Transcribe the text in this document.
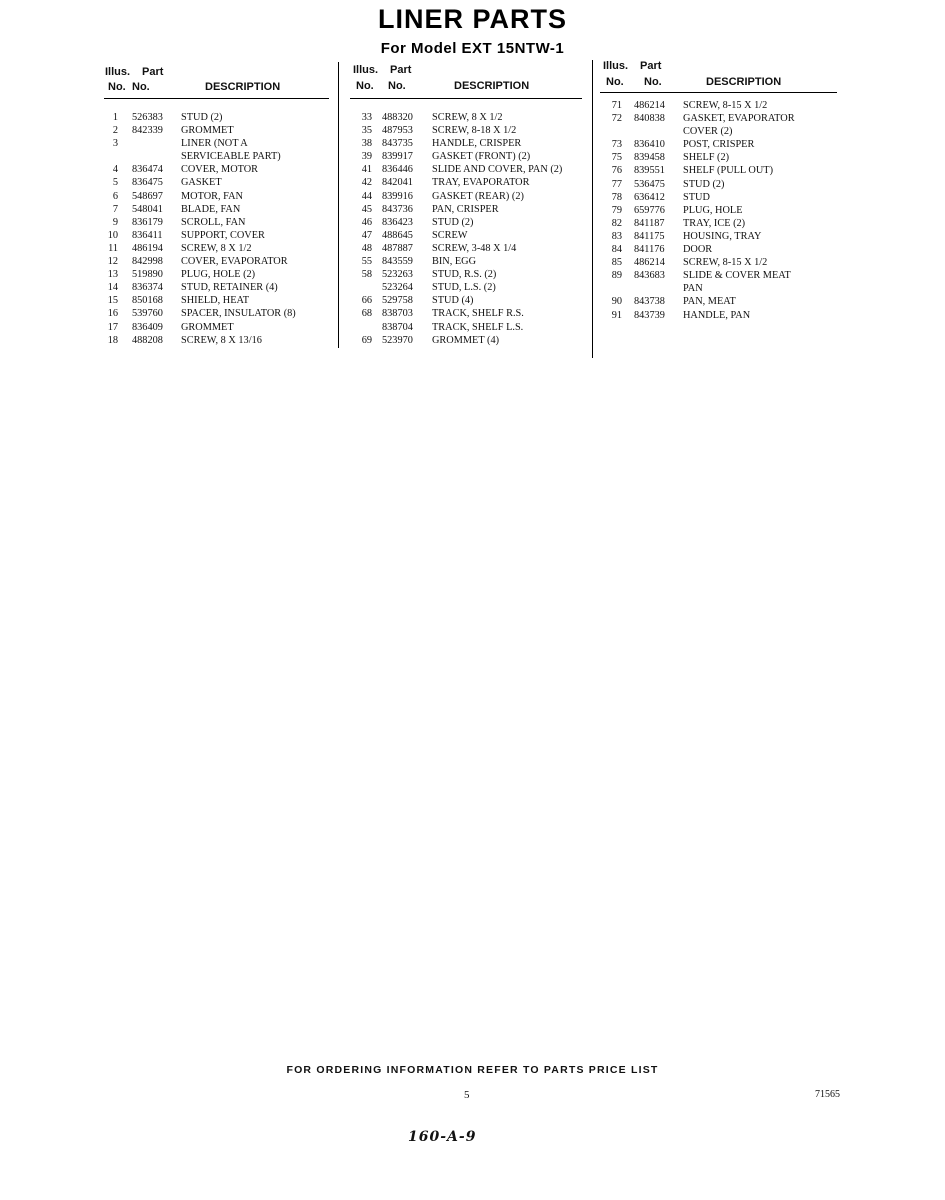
LINER PARTS
For Model EXT 15NTW-1
Illus. Part
No. No.	DESCRIPTION
1 526383 STUD (2)
2 842339 GROMMET
3	LINER (NOT A
SERVICEABLE PART)
4 836474 COVER, MOTOR
5 836475 GASKET
6 548697 MOTOR, FAN
7 548041 BLADE, FAN
9 836179 SCROLL, FAN
10 836411 SUPPORT, COVER
11 486194 SCREW, 8 X 1/2
12 842998 COVER, EVAPORATOR
13 519890 PLUG, HOLE (2)
14 836374 STUD, RETAINER (4)
15 850168 SHIELD, HEAT
16 539760 SPACER, INSULATOR (8)
17 836409 GROMMET
18 488208 SCREW, 8 X 13/16
Illus. Part
No. No.	DESCRIPTION
33 488320 SCREW, 8 X 1/2
35 487953 SCREW, 8-18 X 1/2
38 843735 HANDLE, CRISPER
39 839917 GASKET (FRONT) (2)
41 836446 SLIDE AND COVER, PAN (2)
42 842041 TRAY, EVAPORATOR
44 839916 GASKET (REAR) (2)
45 843736 PAN, CRISPER
46 836423 STUD (2)
47 488645 SCREW
48 487887 SCREW, 3-48 X 1/4
55 843559 BIN, EGG
58 523263 STUD, R.S. (2)
523264 STUD, L.S. (2)
66 529758 STUD (4)
68 838703 TRACK, SHELF R.S.
838704 TRACK, SHELF L.S.
69 523970 GROMMET (4)
Illus. Part
No. No.	DESCRIPTION
71 486214 SCREW, 8-15 X 1/2
72 840838 GASKET, EVAPORATOR
COVER (2)
73 836410 POST, CRISPER
75 839458 SHELF (2)
76 839551 SHELF (PULL OUT)
77 536475 STUD (2)
78 636412 STUD
79 659776 PLUG, HOLE
82 841187 TRAY, ICE (2)
83 841175 HOUSING, TRAY
84 841176 DOOR
85 486214 SCREW, 8-15 X 1/2
89 843683 SLIDE & COVER MEAT
PAN
90 843738 PAN, MEAT
91 843739 HANDLE, PAN
FOR ORDERING INFORMATION REFER TO PARTS PRICE LIST
5	71565
160-A-9
